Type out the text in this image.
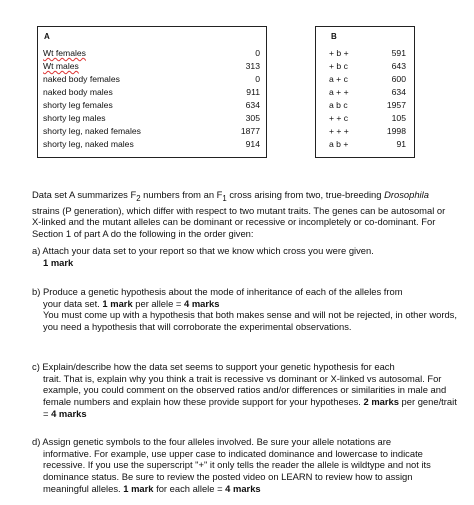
A
Wt females	0
Wt males	313
naked body females	0
naked body males	911
shorty leg females	634
shorty leg males	305
shorty leg, naked females	1877
shorty leg, naked males	914
B
+ b +	591
+ b c	643
a + c	600
a + +	634
a b c	1957
+ + c	105
+ + +	1998
a b +	91

Data set A summarizes $F_2$ numbers from an $F_1$ cross arising from two, true-breeding Drosophila strains (P generation), which differ with respect to two mutant traits. The genes can be autosomal or X-linked and the mutant alleles can be dominant or recessive or incompletely or co-dominant. For Section 1 of part A do the following in the order given:

a) Attach your data set to your report so that we know which cross you were given.
1 mark
b) Produce a genetic hypothesis about the mode of inheritance of each of the alleles from
your data set. 1 mark per allele = 4 marks
You must come up with a hypothesis that both makes sense and will not be rejected, in other words, you need a hypothesis that will corroborate the experimental observations.
c) Explain/describe how the data set seems to support your genetic hypothesis for each
trait. That is, explain why you think a trait is recessive vs dominant or X-linked vs autosomal. For example, you could comment on the observed ratios and/or differences or similarities in male and female numbers and explain how these provide support for your hypotheses. 2 marks per gene/trait = 4 marks
d) Assign genetic symbols to the four alleles involved. Be sure your allele notations are
informative. For example, use upper case to indicated dominance and lowercase to indicate recessive. If you use the superscript "+" it only tells the reader the allele is wildtype and not its dominance status. Be sure to review the posted video on LEARN to review how to assign meaningful alleles. 1 mark for each allele = 4 marks
